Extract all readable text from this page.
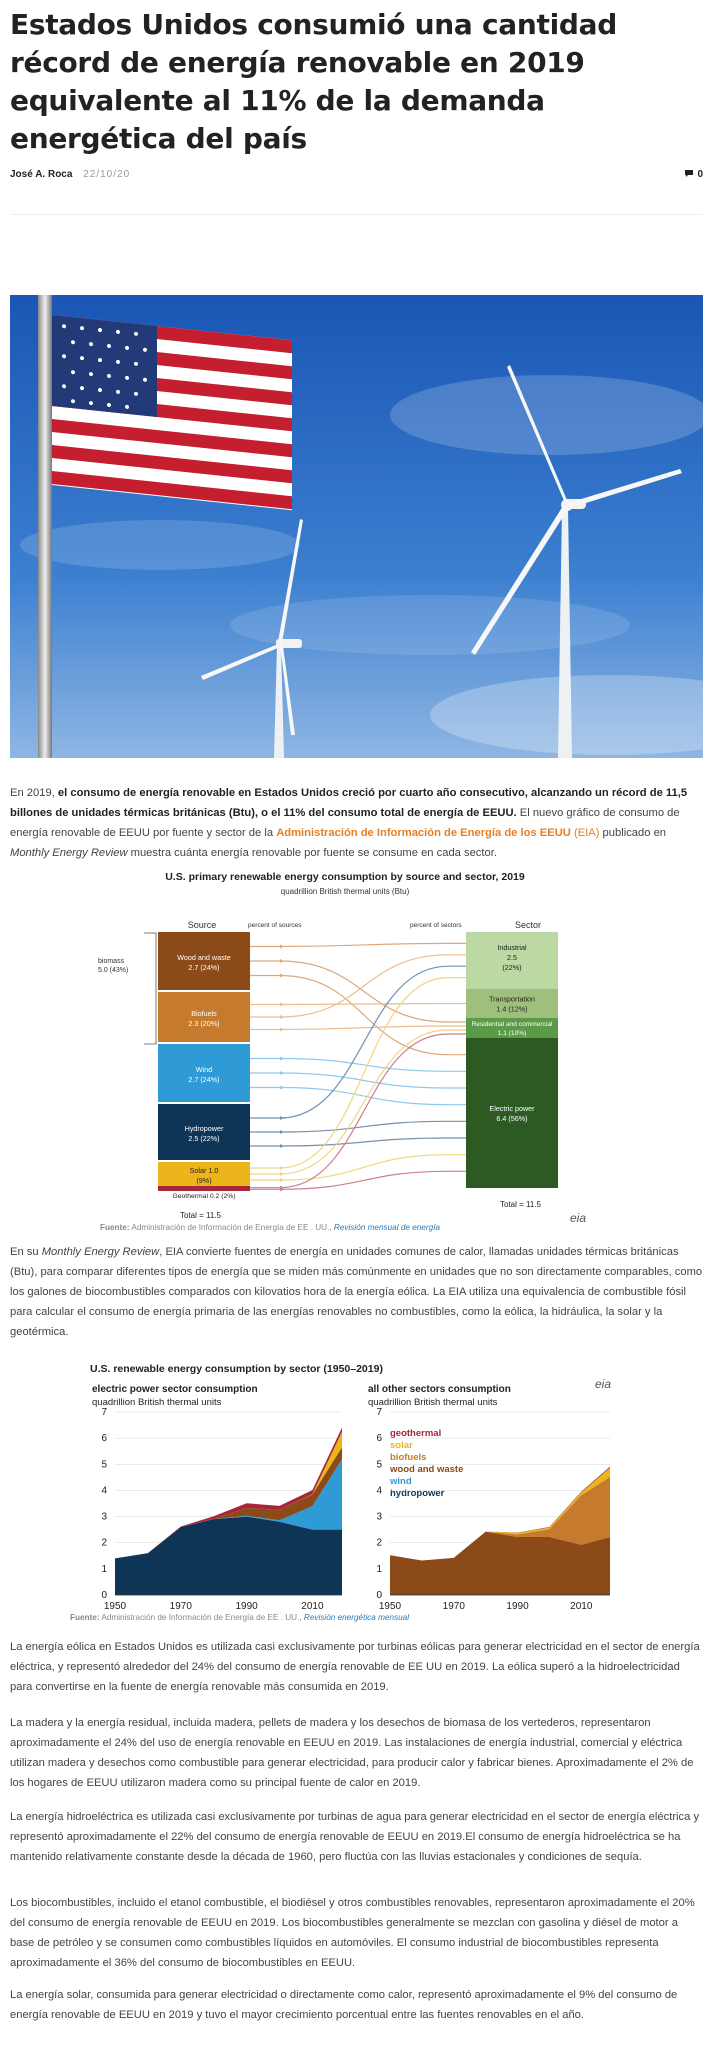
Estados Unidos consumió una cantidad récord de energía renovable en 2019 equivalente al 11% de la demanda energética del país
José A. Roca 22/10/20	0

En 2019, el consumo de energía renovable en Estados Unidos creció por cuarto año consecutivo, alcanzando un récord de 11,5 billones de unidades térmicas británicas (Btu), o el 11% del consumo total de energía de EEUU. El nuevo gráfico de consumo de energía renovable de EEUU por fuente y sector de la Administración de Información de Energía de los EEUU (EIA) publicado en Monthly Energy Review muestra cuánta energía renovable por fuente se consume en cada sector.

U.S. primary renewable energy consumption by source and sector, 2019
quadrillion British thermal units (Btu)
Source	Sector
percent of sources	percent of sectors
biomass
5.0 (43%)
Wood and waste
2.7 (24%)
Biofuels
2.3 (20%)
Wind
2.7 (24%)
Hydropower
2.5 (22%)
Solar 1.0
(9%)
Geothermal 0.2 (2%)
Industrial
2.5
(22%)
Transportation
1.4 (12%)
Residential and commercial
1.1 (10%)
Electric power
6.4 (56%)
Total = 11.5
Total = 11.5
eia
Fuente: Administración de Información de Energía de EE . UU., Revisión mensual de energía

En su Monthly Energy Review, EIA convierte fuentes de energía en unidades comunes de calor, llamadas unidades térmicas británicas (Btu), para comparar diferentes tipos de energía que se miden más comúnmente en unidades que no son directamente comparables, como los galones de biocombustibles comparados con kilovatios hora de la energía eólica. La EIA utiliza una equivalencia de combustible fósil para calcular el consumo de energía primaria de las energías renovables no combustibles, como la eólica, la hidráulica, la solar y la geotérmica.

U.S. renewable energy consumption by sector (1950–2019)
electric power sector consumption
quadrillion British thermal units
all other sectors consumption
quadrillion British thermal units
eia
geothermal
solar
biofuels
wood and waste
wind
hydropower
0
1
2
3
4
5
6
7
1950	1970	1990	2010
0
1
2
3
4
5
6
7
1950	1970	1990	2010
Fuente: Administración de Información de Energía de EE . UU., Revisión energética mensual

La energía eólica en Estados Unidos es utilizada casi exclusivamente por turbinas eólicas para generar electricidad en el sector de energía eléctrica, y representó alrededor del 24% del consumo de energía renovable de EE UU en 2019. La eólica superó a la hidroelectricidad para convertirse en la fuente de energía renovable más consumida en 2019.

La madera y la energía residual, incluida madera, pellets de madera y los desechos de biomasa de los vertederos, representaron aproximadamente el 24% del uso de energía renovable en EEUU en 2019. Las instalaciones de energía industrial, comercial y eléctrica utilizan madera y desechos como combustible para generar electricidad, para producir calor y fabricar bienes. Aproximadamente el 2% de los hogares de EEUU utilizaron madera como su principal fuente de calor en 2019.

La energía hidroeléctrica es utilizada casi exclusivamente por turbinas de agua para generar electricidad en el sector de energía eléctrica y representó aproximadamente el 22% del consumo de energía renovable de EEUU en 2019.El consumo de energía hidroeléctrica se ha mantenido relativamente constante desde la década de 1960, pero fluctúa con las lluvias estacionales y condiciones de sequía.

Los biocombustibles, incluido el etanol combustible, el biodiésel y otros combustibles renovables, representaron aproximadamente el 20% del consumo de energía renovable de EEUU en 2019. Los biocombustibles generalmente se mezclan con gasolina y diésel de motor a base de petróleo y se consumen como combustibles líquidos en automóviles. El consumo industrial de biocombustibles representa aproximadamente el 36% del consumo de biocombustibles en EEUU.

La energía solar, consumida para generar electricidad o directamente como calor, representó aproximadamente el 9% del consumo de energía renovable de EEUU en 2019 y tuvo el mayor crecimiento porcentual entre las fuentes renovables en el año.
